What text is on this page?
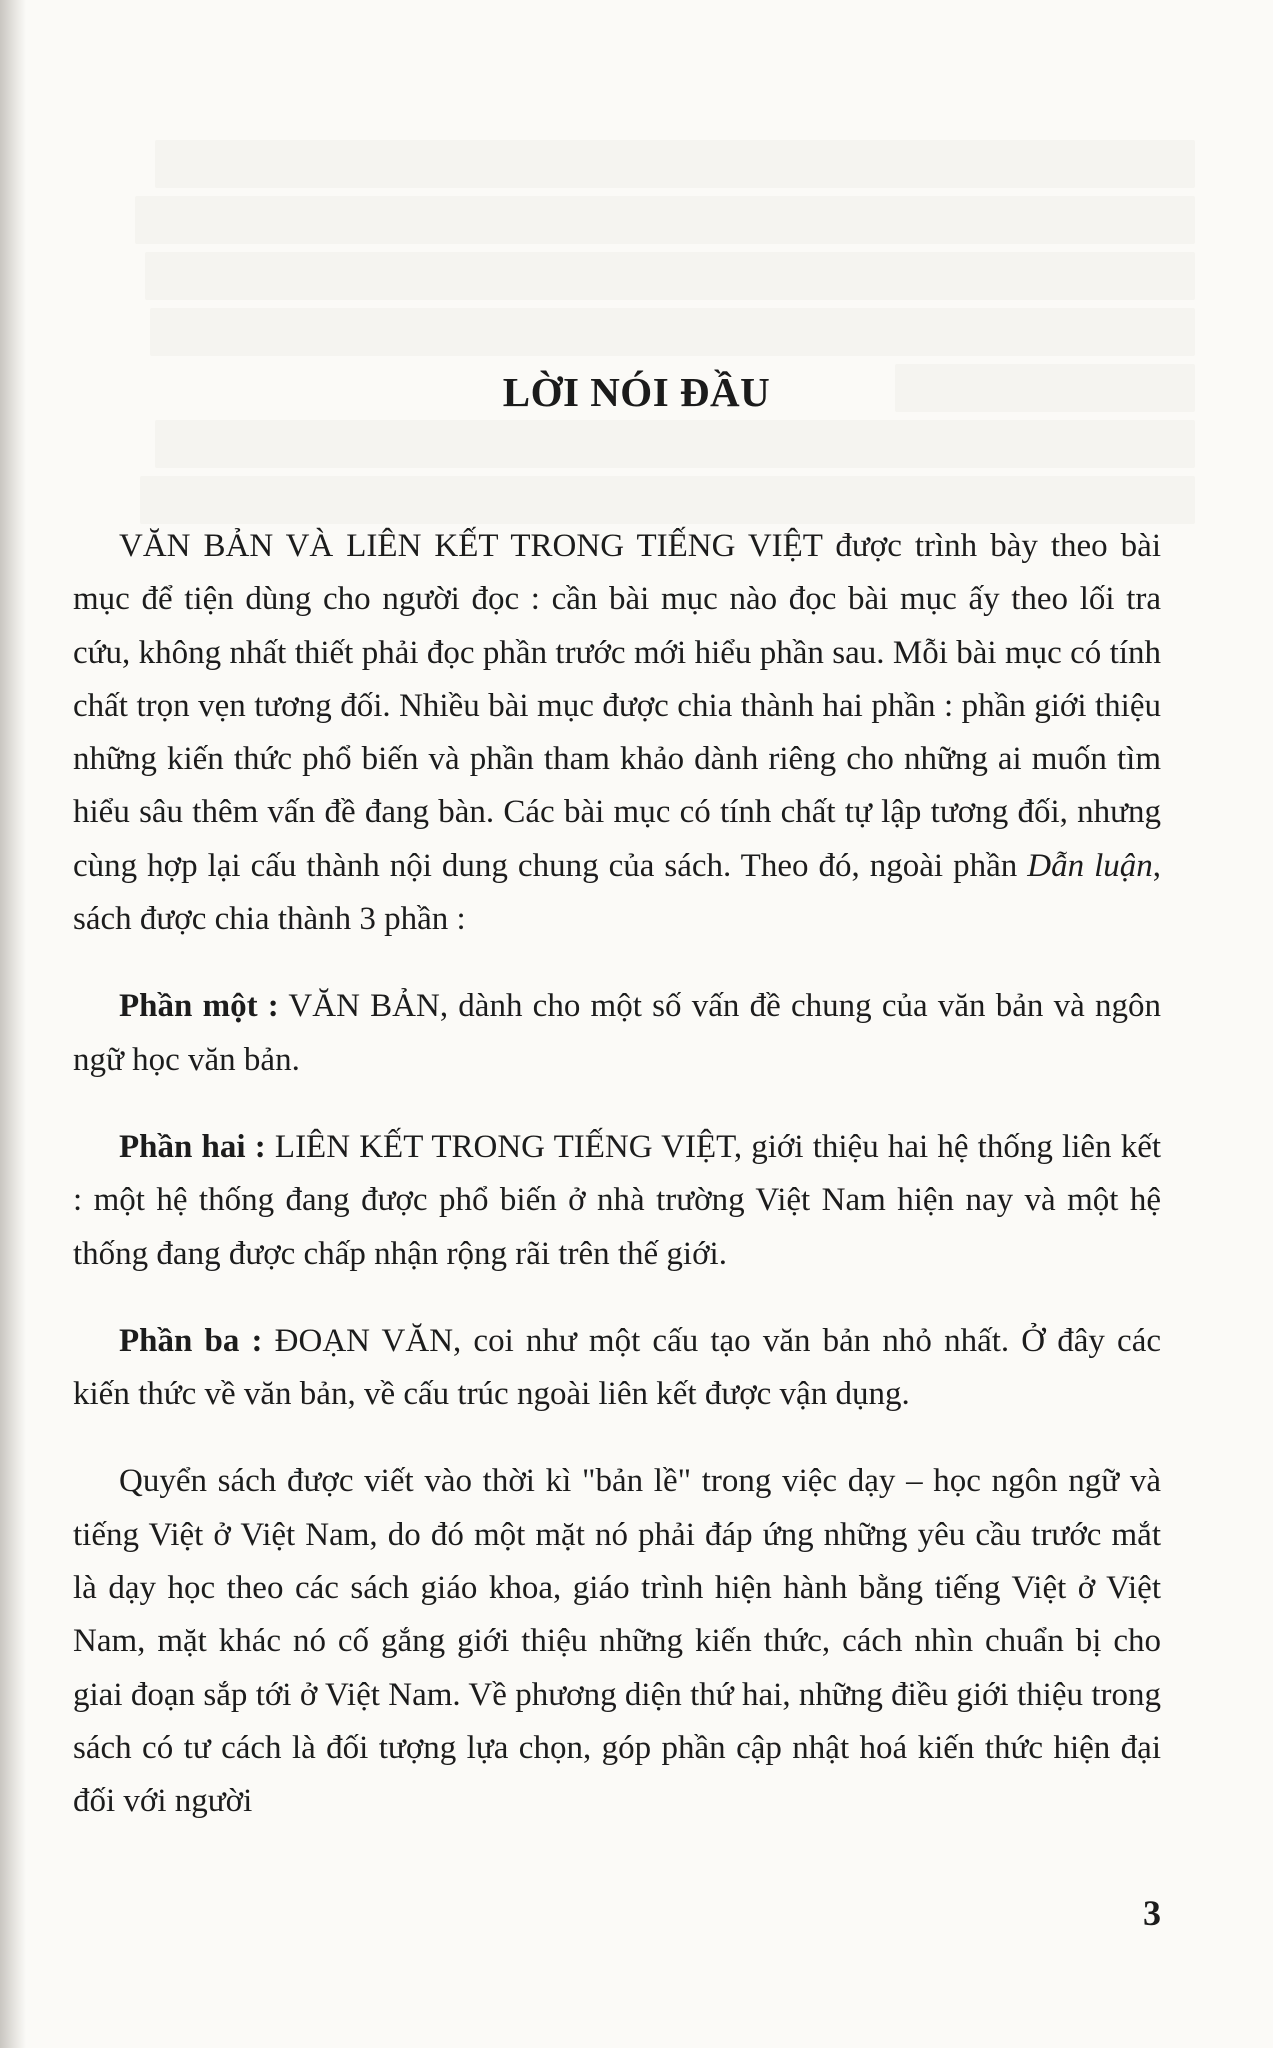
LỜI NÓI ĐẦU

VĂN BẢN VÀ LIÊN KẾT TRONG TIẾNG VIỆT được trình bày theo bài mục để tiện dùng cho người đọc : cần bài mục nào đọc bài mục ấy theo lối tra cứu, không nhất thiết phải đọc phần trước mới hiểu phần sau. Mỗi bài mục có tính chất trọn vẹn tương đối. Nhiều bài mục được chia thành hai phần : phần giới thiệu những kiến thức phổ biến và phần tham khảo dành riêng cho những ai muốn tìm hiểu sâu thêm vấn đề đang bàn. Các bài mục có tính chất tự lập tương đối, nhưng cùng hợp lại cấu thành nội dung chung của sách. Theo đó, ngoài phần Dẫn luận, sách được chia thành 3 phần :

Phần một : VĂN BẢN, dành cho một số vấn đề chung của văn bản và ngôn ngữ học văn bản.

Phần hai : LIÊN KẾT TRONG TIẾNG VIỆT, giới thiệu hai hệ thống liên kết : một hệ thống đang được phổ biến ở nhà trường Việt Nam hiện nay và một hệ thống đang được chấp nhận rộng rãi trên thế giới.

Phần ba : ĐOẠN VĂN, coi như một cấu tạo văn bản nhỏ nhất. Ở đây các kiến thức về văn bản, về cấu trúc ngoài liên kết được vận dụng.

Quyển sách được viết vào thời kì "bản lề" trong việc dạy – học ngôn ngữ và tiếng Việt ở Việt Nam, do đó một mặt nó phải đáp ứng những yêu cầu trước mắt là dạy học theo các sách giáo khoa, giáo trình hiện hành bằng tiếng Việt ở Việt Nam, mặt khác nó cố gắng giới thiệu những kiến thức, cách nhìn chuẩn bị cho giai đoạn sắp tới ở Việt Nam. Về phương diện thứ hai, những điều giới thiệu trong sách có tư cách là đối tượng lựa chọn, góp phần cập nhật hoá kiến thức hiện đại đối với người

3
